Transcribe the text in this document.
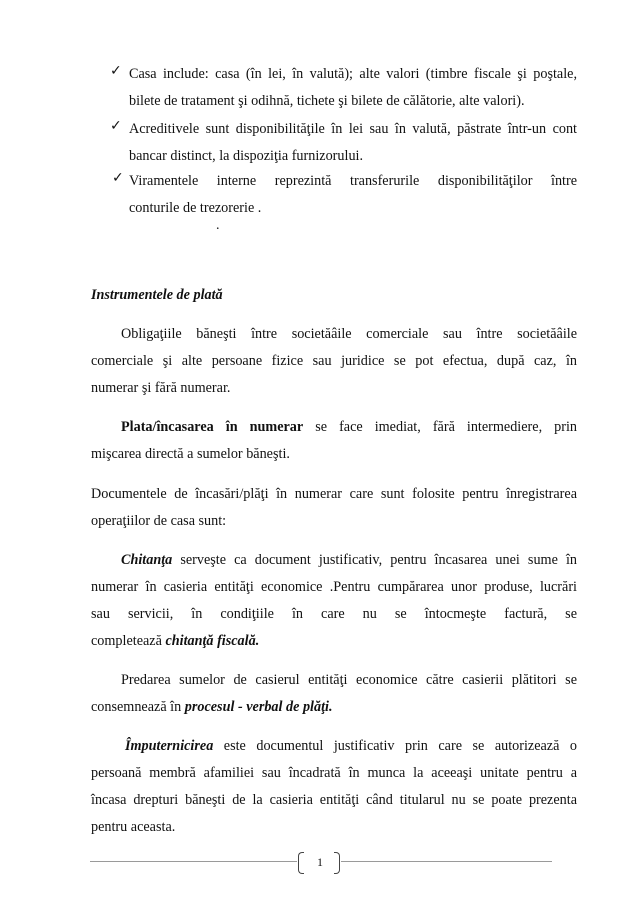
✓ Casa include: casa (în lei, în valută); alte valori (timbre fiscale şi poştale,
bilete de tratament şi odihnă, tichete şi bilete de călătorie, alte valori).
✓ Acreditivele sunt disponibilităţile în lei sau în valută, păstrate într-un cont
bancar distinct, la dispoziţia furnizorului.
✓ Viramentele interne reprezintă transferurile disponibilităţilor între
conturile de trezorerie .
.
Instrumentele de plată
Obligaţiile băneşti între societăâile comerciale sau între societăâile
comerciale şi alte persoane fizice sau juridice se pot efectua, după caz, în
numerar şi fără numerar.
Plata/încasarea în numerar se face imediat, fără intermediere, prin
mişcarea directă a sumelor băneşti.
Documentele de încasări/plăţi în numerar care sunt folosite pentru înregistrarea
operaţiilor de casa sunt:
Chitanţa serveşte ca document justificativ, pentru încasarea unei sume în
numerar în casieria entităţi economice .Pentru cumpărarea unor produse, lucrări
sau servicii, în condiţiile în care nu se întocmeşte factură, se
completează chitanţă fiscală.
Predarea sumelor de casierul entităţi economice către casierii plătitori se
consemnează în procesul - verbal de plăţi.
Împuternicirea este documentul justificativ prin care se autorizează o
persoană membră afamiliei sau încadrată în munca la aceeaşi unitate pentru a
încasa drepturi băneşti de la casieria entităţi când titularul nu se poate prezenta
pentru aceasta.
1
